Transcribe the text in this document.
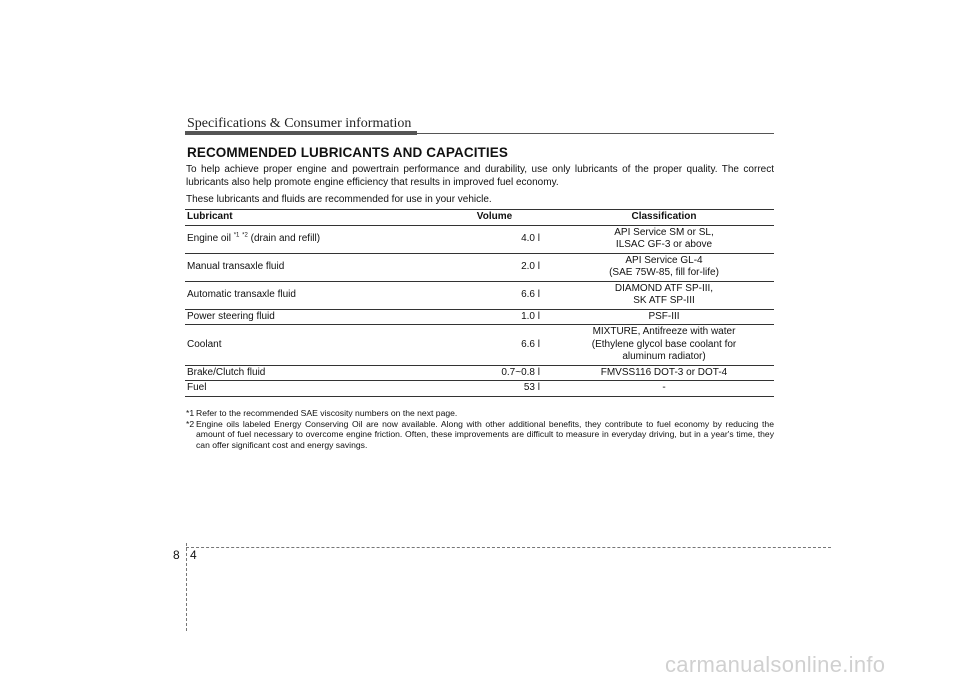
Specifications & Consumer information
RECOMMENDED LUBRICANTS AND CAPACITIES

To help achieve proper engine and powertrain performance and durability, use only lubricants of the proper quality. The correct lubricants also help promote engine efficiency that results in improved fuel economy.

These lubricants and fluids are recommended for use in your vehicle.

Lubricant	Volume	Classification
Engine oil $^{*1}$ $^{*2}$ (drain and refill)	4.0 l	API Service SM or SL,
ILSAC GF-3 or above

Manual transaxle fluid	2.0 l	API Service GL-4
(SAE 75W-85, fill for-life)

Automatic transaxle fluid	6.6 l	DIAMOND ATF SP-III,
SK ATF SP-III

Power steering fluid	1.0 l	PSF-III

Coolant	6.6 l	MIXTURE, Antifreeze with water
(Ethylene glycol base coolant for
aluminum radiator)

Brake/Clutch fluid	0.7~0.8 l	FMVSS116 DOT-3 or DOT-4

Fuel	53 l	-

*1 Refer to the recommended SAE viscosity numbers on the next page.

*2 Engine oils labeled Energy Conserving Oil are now available. Along with other additional benefits, they contribute to fuel economy by reducing the amount of fuel necessary to overcome engine friction. Often, these improvements are difficult to measure in everyday driving, but in a year's time, they can offer significant cost and energy savings.

8 4
carmanualsonline.info
